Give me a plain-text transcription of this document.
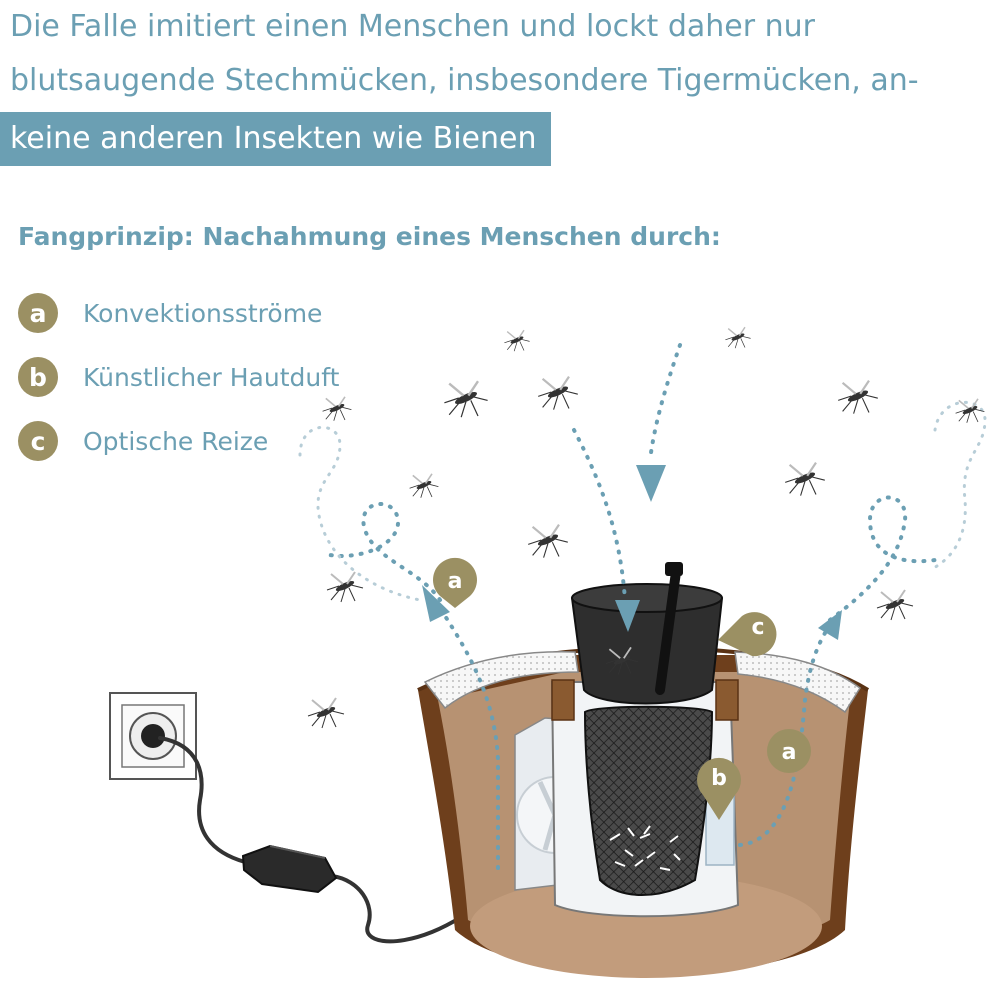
Die Falle imitiert einen Menschen und lockt daher nur
blutsaugende Stechmücken, insbesondere Tigermücken, an-
keine anderen Insekten wie Bienen
Fangprinzip: Nachahmung eines Menschen durch:
a	Konvektionsströme
b	Künstlicher Hautduft
c	Optische Reize
a
a
b
c
